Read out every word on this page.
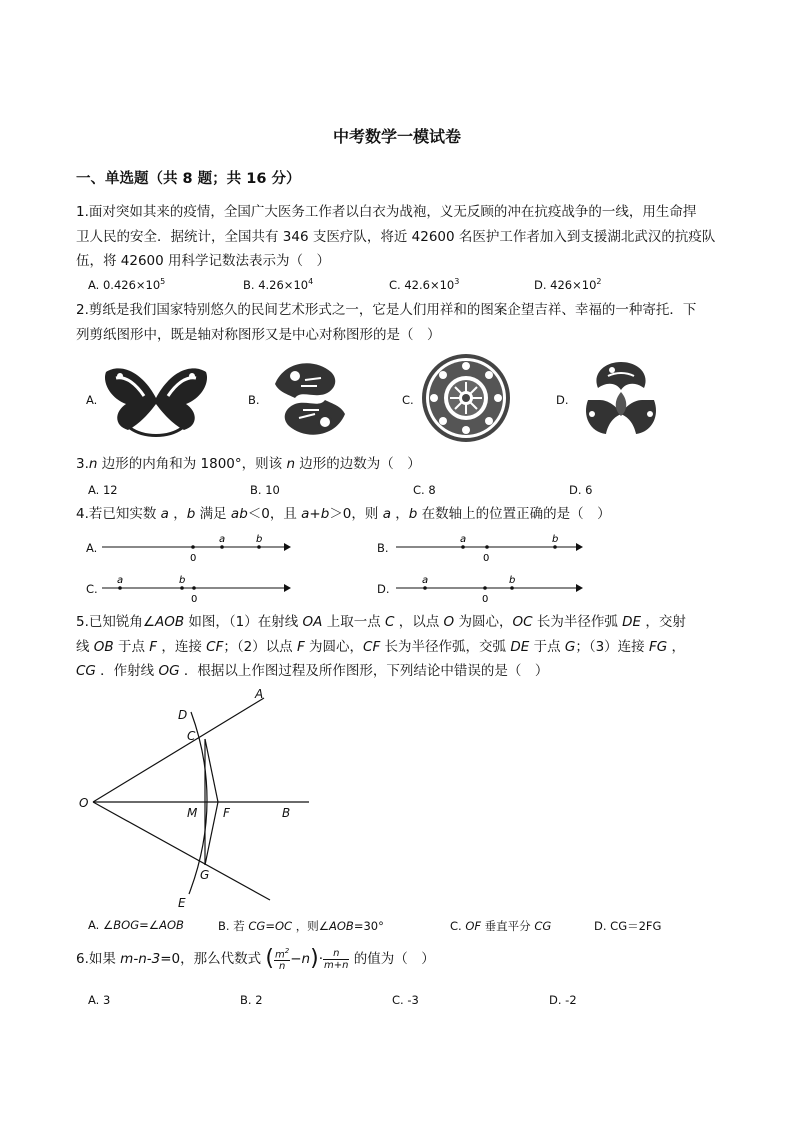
中考数学一模试卷
一、单选题（共 8 题；共 16 分）
1.面对突如其来的疫情，全国广大医务工作者以白衣为战袍，义无反顾的冲在抗疫战争的一线，用生命捍
卫人民的安全．据统计，全国共有 346 支医疗队，将近 42600 名医护工作者加入到支援湖北武汉的抗疫队
伍，将 42600 用科学记数法表示为（　）
A. $0.426\times 10^5$	B. $4.26\times 10^4$	C. $42.6\times 10^3$	D. $426\times 10^2$
2.剪纸是我们国家特别悠久的民间艺术形式之一，它是人们用祥和的图案企望吉祥、幸福的一种寄托．下
列剪纸图形中，既是轴对称图形又是中心对称图形的是（　）
A.	B.	C.	D.
3.n 边形的内角和为 1800°，则该 n 边形的边数为（　）
A. 12	B. 10	C. 8	D. 6
4.若已知实数 a ，b 满足 ab＜0，且 a+b＞0，则 a ，b 在数轴上的位置正确的是（　）
A.	B.
C.	D.
0
a	b
0
a	b
0
a	b
0
a	b
5.已知锐角∠AOB 如图，（1）在射线 OA 上取一点 C ，以点 O 为圆心，OC 长为半径作弧 DE ，交射
线 OB 于点 F ，连接 CF；（2）以点 F 为圆心，CF 长为半径作弧，交弧 DE 于点 G；（3）连接 FG ，
CG ．作射线 OG ．根据以上作图过程及所作图形，下列结论中错误的是（　）
O
A
B
C
D
E
F
G
M
A. ∠BOG=∠AOB	B. 若 CG=OC ，则∠AOB=30°	C. OF 垂直平分 CG	D. CG＝2FG
6.如果 m-n-3=0，那么代数式 ( $\frac{m^2}{n} -n)\cdot \frac{n}{m+n}$ 的值为（　）
A. 3	B. 2	C. -3	D. -2
